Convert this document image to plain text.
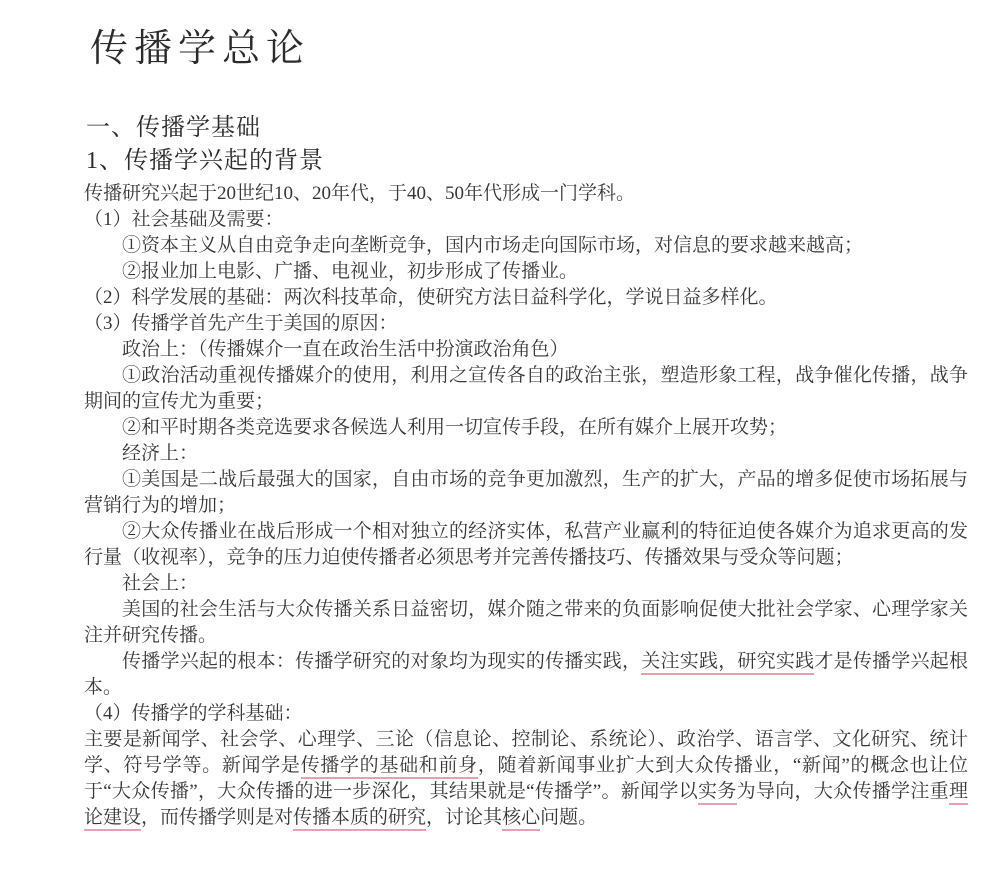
传播学总论
一、传播学基础
1、传播学兴起的背景

传播研究兴起于20世纪10、20年代，于40、50年代形成一门学科。

（1）社会基础及需要：

①资本主义从自由竞争走向垄断竞争，国内市场走向国际市场，对信息的要求越来越高；

②报业加上电影、广播、电视业，初步形成了传播业。

（2）科学发展的基础：两次科技革命，使研究方法日益科学化，学说日益多样化。

（3）传播学首先产生于美国的原因：

政治上：（传播媒介一直在政治生活中扮演政治角色）

①政治活动重视传播媒介的使用，利用之宣传各自的政治主张，塑造形象工程，战争催化传播，战争期间的宣传尤为重要；

②和平时期各类竞选要求各候选人利用一切宣传手段，在所有媒介上展开攻势；

经济上：

①美国是二战后最强大的国家，自由市场的竞争更加激烈，生产的扩大，产品的增多促使市场拓展与营销行为的增加；

②大众传播业在战后形成一个相对独立的经济实体，私营产业赢利的特征迫使各媒介为追求更高的发行量（收视率），竞争的压力迫使传播者必须思考并完善传播技巧、传播效果与受众等问题；

社会上：

美国的社会生活与大众传播关系日益密切，媒介随之带来的负面影响促使大批社会学家、心理学家关注并研究传播。

传播学兴起的根本：传播学研究的对象均为现实的传播实践，关注实践，研究实践才是传播学兴起根本。

（4）传播学的学科基础：

主要是新闻学、社会学、心理学、三论（信息论、控制论、系统论）、政治学、语言学、文化研究、统计学、符号学等。新闻学是传播学的基础和前身，随着新闻事业扩大到大众传播业，“新闻”的概念也让位于“大众传播”，大众传播的进一步深化，其结果就是“传播学”。新闻学以实务为导向，大众传播学注重理论建设，而传播学则是对传播本质的研究，讨论其核心问题。
